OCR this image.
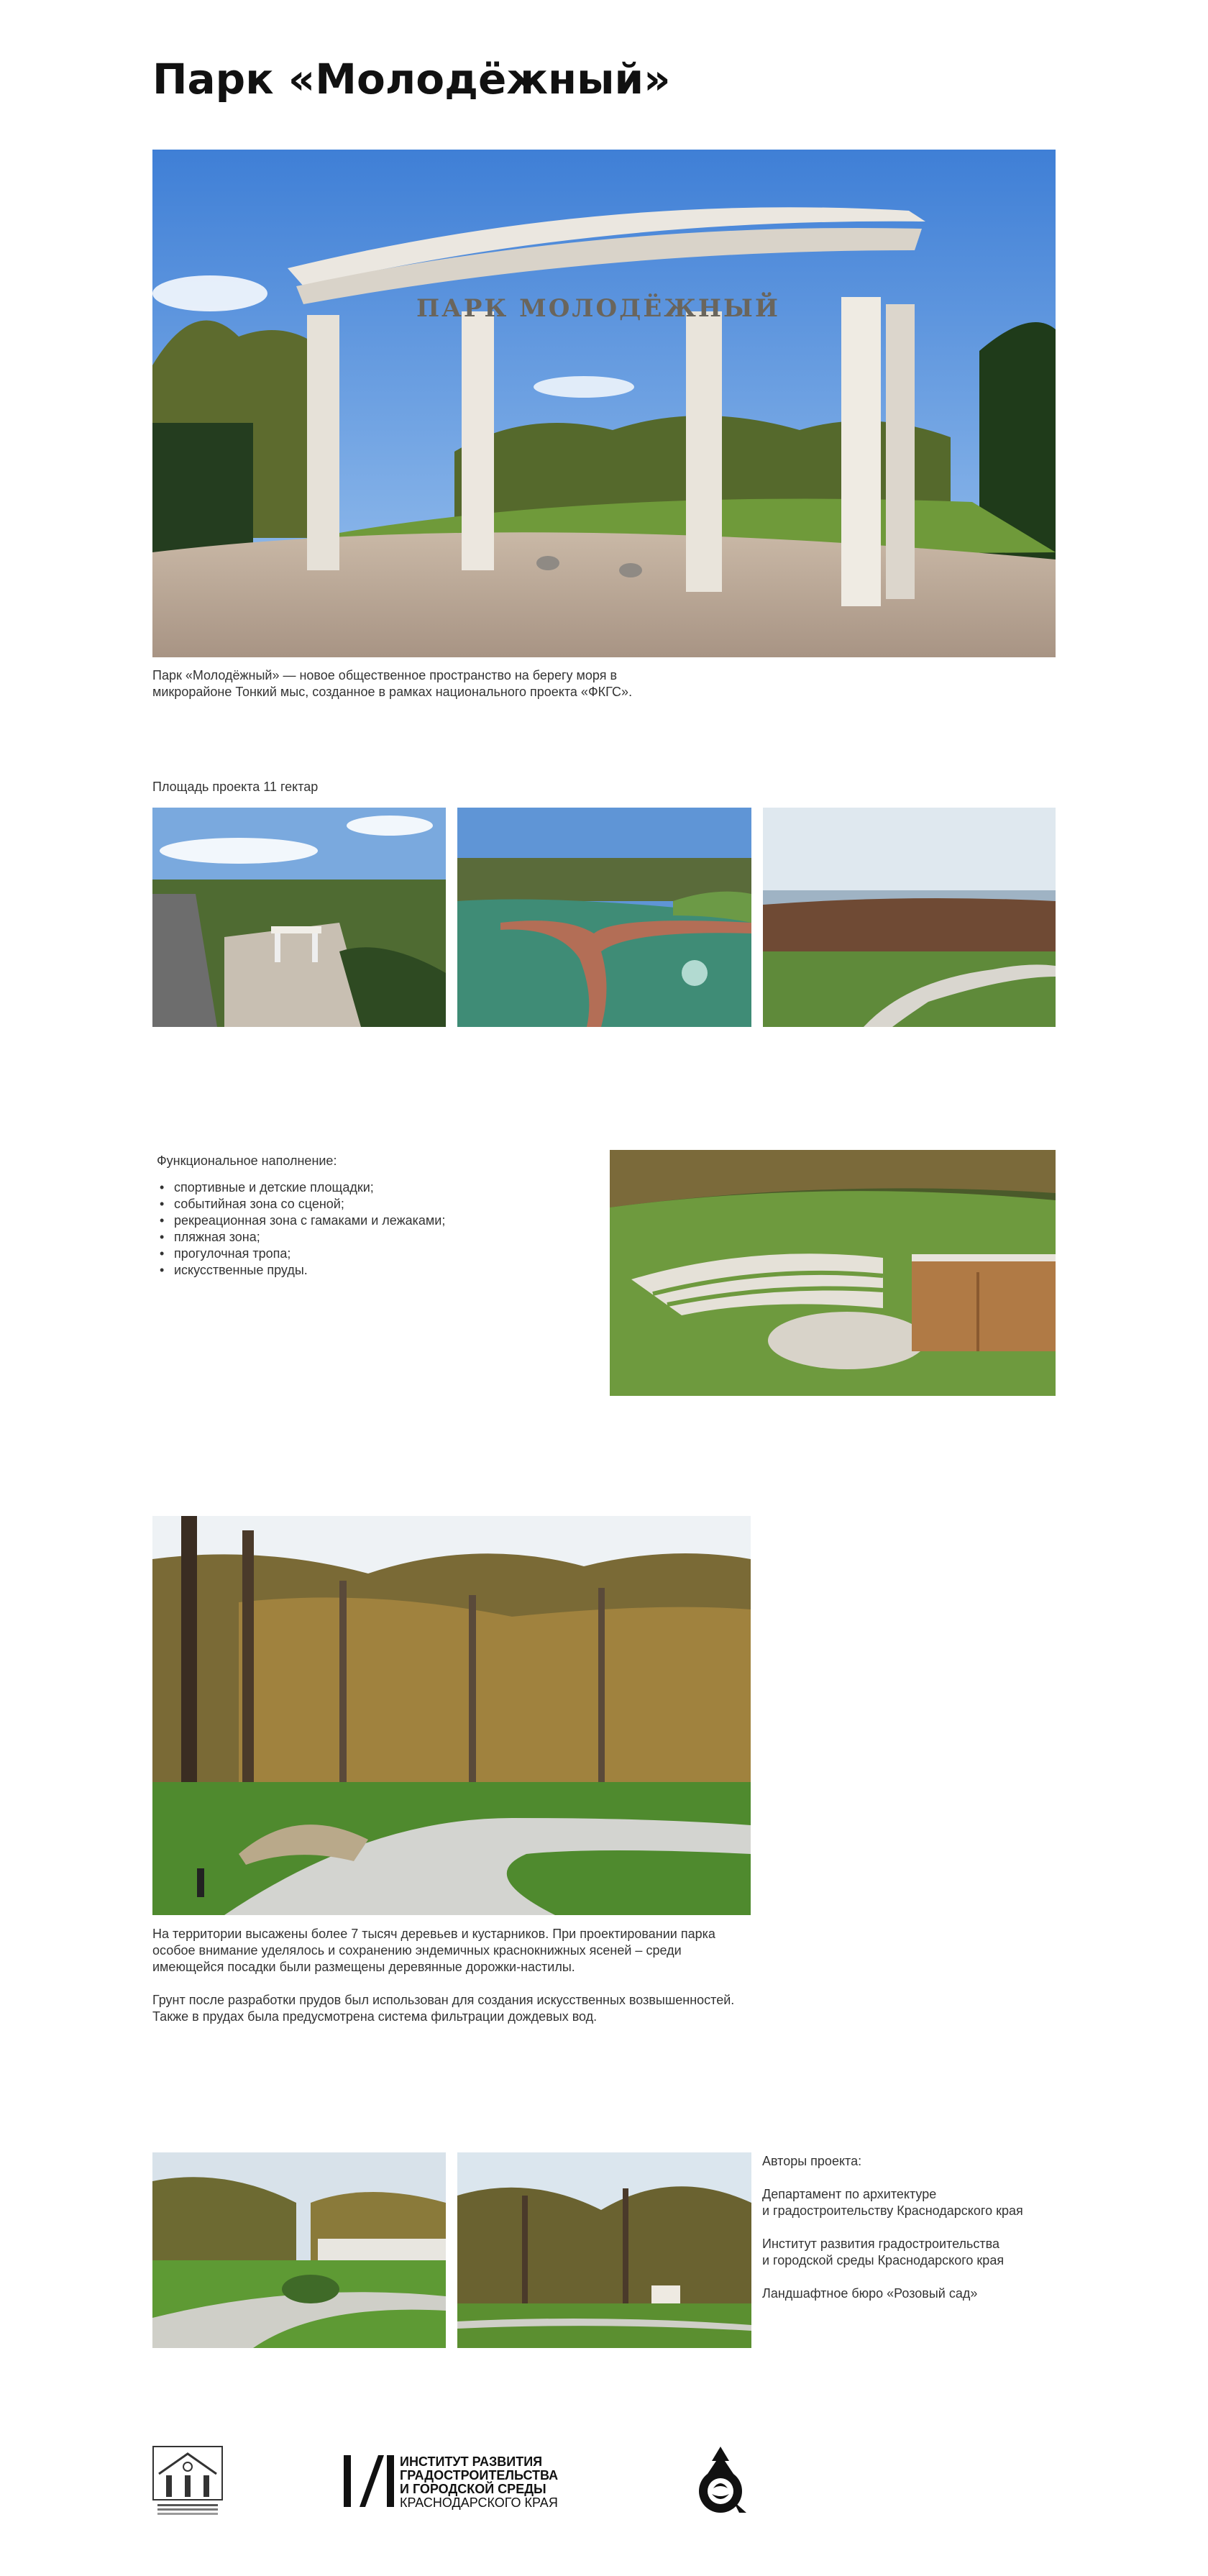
Парк «Молодёжный»
ПАРК МОЛОДЁЖНЫЙ

Парк «Молодёжный» — новое общественное пространство на берегу моря в
микрорайоне Тонкий мыс, созданное в рамках национального проекта «ФКГС».

Площадь проекта 11 гектар

Функциональное наполнение:

• спортивные и детские площадки;
• событийная зона со сценой;
• рекреационная зона с гамаками и лежаками;
• пляжная зона;
• прогулочная тропа;
• искусственные пруды.

На территории высажены более 7 тысяч деревьев и кустарников. При проектировании парка особое внимание уделялось и сохранению эндемичных краснокнижных ясеней – среди имеющейся посадки были размещены деревянные дорожки-настилы.

Грунт после разработки прудов был использован для создания искусственных возвышенностей. Также в прудах была предусмотрена система фильтрации дождевых вод.

Авторы проекта:

Департамент по архитектуре
и градостроительству Краснодарского края

Институт развития градостроительства
и городской среды Краснодарского края

Ландшафтное бюро «Розовый сад»

ИНСТИТУТ РАЗВИТИЯ
ГРАДОСТРОИТЕЛЬСТВА
И ГОРОДСКОЙ СРЕДЫ
КРАСНОДАРСКОГО КРАЯ
